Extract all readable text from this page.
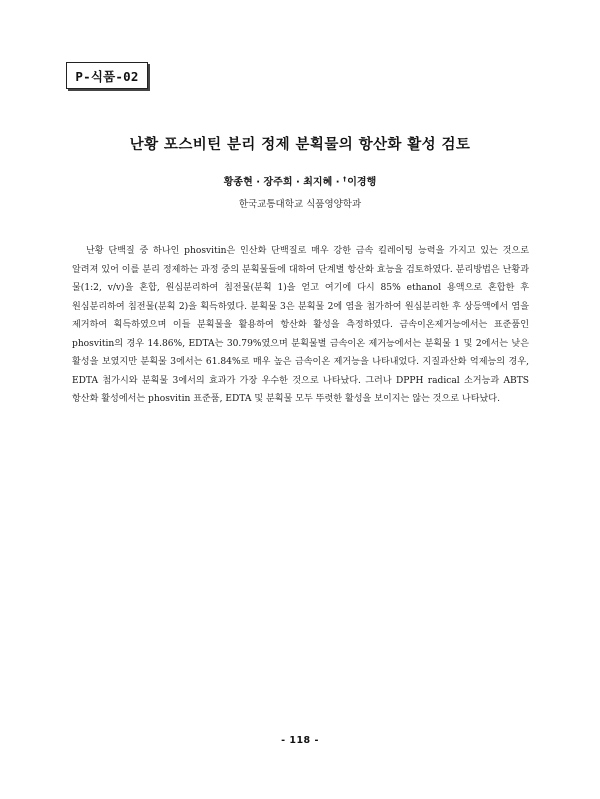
P-식품-02
난황 포스비틴 분리 정제 분획물의 항산화 활성 검토
황종현 · 장주희 · 최지혜 · †이경행
한국교통대학교 식품영양학과

난황 단백질 중 하나인 phosvitin은 인산화 단백질로 매우 강한 금속 킬레이팅 능력을 가지고 있는 것으로 알려져 있어 이를 분리 정제하는 과정 중의 분획물들에 대하여 단계별 항산화 효능을 검토하였다. 분리방법은 난황과 물(1:2, v/v)을 혼합, 원심분리하여 침전물(분획 1)을 얻고 여기에 다시 85% ethanol 용액으로 혼합한 후 원심분리하여 침전물(분획 2)을 획득하였다. 분획물 3은 분획물 2에 염을 첨가하여 원심분리한 후 상등액에서 염을 제거하여 획득하였으며 이들 분획물을 활용하여 항산화 활성을 측정하였다. 금속이온제거능에서는 표준품인 phosvitin의 경우 14.86%, EDTA는 30.79%였으며 분획물별 금속이온 제거능에서는 분획물 1 및 2에서는 낮은 활성을 보였지만 분획물 3에서는 61.84%로 매우 높은 금속이온 제거능을 나타내었다. 지질과산화 억제능의 경우, EDTA 첨가시와 분획물 3에서의 효과가 가장 우수한 것으로 나타났다. 그러나 DPPH radical 소거능과 ABTS 항산화 활성에서는 phosvitin 표준품, EDTA 및 분획물 모두 뚜렷한 활성을 보이지는 않는 것으로 나타났다.

- 118 -
